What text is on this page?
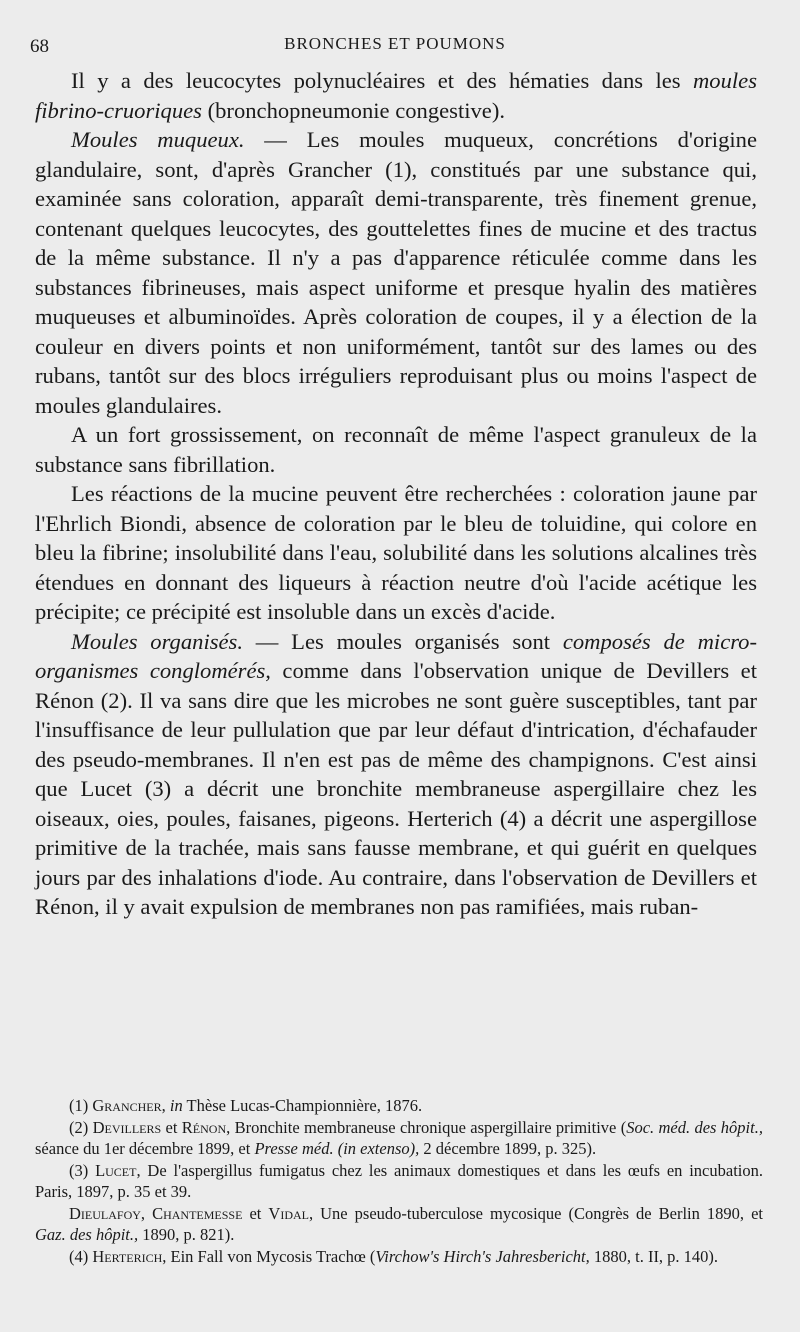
68	BRONCHES ET POUMONS

Il y a des leucocytes polynucléaires et des hématies dans les moules fibrino-cruoriques (bronchopneumonie congestive).

Moules muqueux. — Les moules muqueux, concrétions d'origine glandulaire, sont, d'après Grancher (1), constitués par une substance qui, examinée sans coloration, apparaît demi-transparente, très finement grenue, contenant quelques leucocytes, des gouttelettes fines de mucine et des tractus de la même substance. Il n'y a pas d'apparence réticulée comme dans les substances fibrineuses, mais aspect uniforme et presque hyalin des matières muqueuses et albuminoïdes. Après coloration de coupes, il y a élection de la couleur en divers points et non uniformément, tantôt sur des lames ou des rubans, tantôt sur des blocs irréguliers reproduisant plus ou moins l'aspect de moules glandulaires.

A un fort grossissement, on reconnaît de même l'aspect granuleux de la substance sans fibrillation.

Les réactions de la mucine peuvent être recherchées : coloration jaune par l'Ehrlich Biondi, absence de coloration par le bleu de toluidine, qui colore en bleu la fibrine; insolubilité dans l'eau, solubilité dans les solutions alcalines très étendues en donnant des liqueurs à réaction neutre d'où l'acide acétique les précipite; ce précipité est insoluble dans un excès d'acide.

Moules organisés. — Les moules organisés sont composés de micro-organismes conglomérés, comme dans l'observation unique de Devillers et Rénon (2). Il va sans dire que les microbes ne sont guère susceptibles, tant par l'insuffisance de leur pullulation que par leur défaut d'intrication, d'échafauder des pseudo-membranes. Il n'en est pas de même des champignons. C'est ainsi que Lucet (3) a décrit une bronchite membraneuse aspergillaire chez les oiseaux, oies, poules, faisanes, pigeons. Herterich (4) a décrit une aspergillose primitive de la trachée, mais sans fausse membrane, et qui guérit en quelques jours par des inhalations d'iode. Au contraire, dans l'observation de Devillers et Rénon, il y avait expulsion de membranes non pas ramifiées, mais ruban-

(1) Grancher, in Thèse Lucas-Championnière, 1876.

(2) Devillers et Rénon, Bronchite membraneuse chronique aspergillaire primitive (Soc. méd. des hôpit., séance du 1er décembre 1899, et Presse méd. (in extenso), 2 décembre 1899, p. 325).

(3) Lucet, De l'aspergillus fumigatus chez les animaux domestiques et dans les œufs en incubation. Paris, 1897, p. 35 et 39.

Dieulafoy, Chantemesse et Vidal, Une pseudo-tuberculose mycosique (Congrès de Berlin 1890, et Gaz. des hôpit., 1890, p. 821).

(4) Herterich, Ein Fall von Mycosis Trachœ (Virchow's Hirch's Jahresbericht, 1880, t. II, p. 140).
